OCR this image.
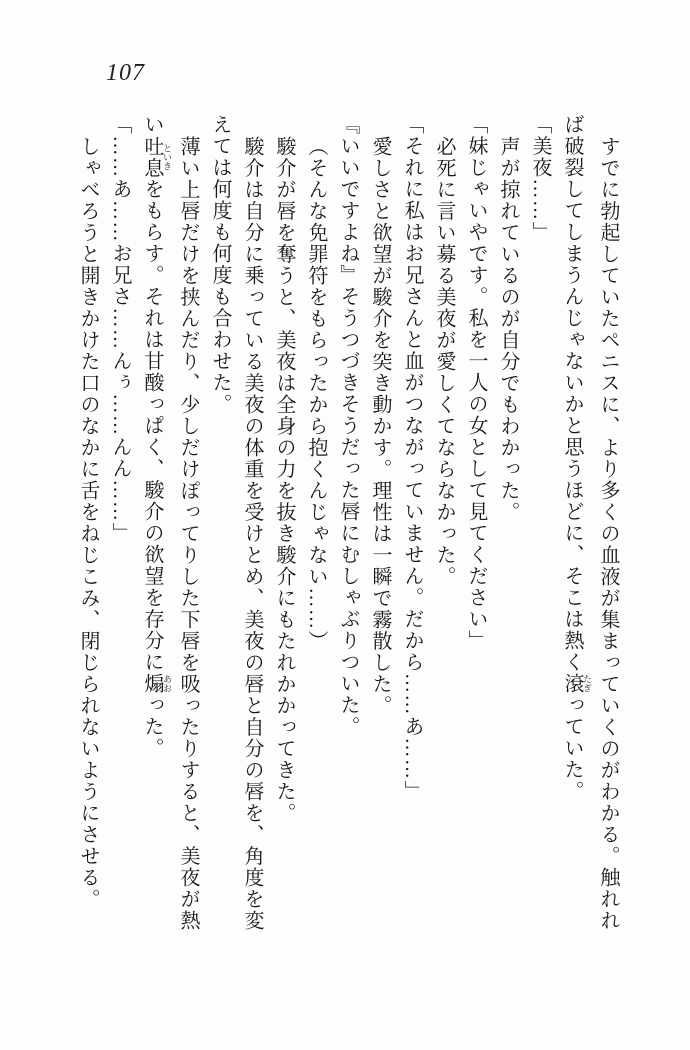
107

すでに勃起していたペニスに、より多くの血液が集まっていくのがわかる。触れれ

ば破裂してしまうんじゃないかと思うほどに、そこは熱く滾 たぎっていた。

「美夜……」

声が掠れているのが自分でもわかった。

「妹じゃいやです。私を一人の女として見てください」

必死に言い募る美夜が愛しくてならなかった。

「それに私はお兄さんと血がつながっていません。だから……あ……」

愛しさと欲望が駿介を突き動かす。理性は一瞬で霧散した。

『いいですよね』そうつづきそうだった唇にむしゃぶりついた。

（そんな免罪符をもらったから抱くんじゃない……）

駿介が唇を奪うと、美夜は全身の力を抜き駿介にもたれかかってきた。

駿介は自分に乗っている美夜の体重を受けとめ、美夜の唇と自分の唇を、角度を変

えては何度も何度も合わせた。

薄い上唇だけを挟んだり、少しだけぽってりした下唇を吸ったりすると、美夜が熱

い吐息 といきをもらす。それは甘酸っぱく、駿介の欲望を存分に煽 あおった。

「……あ……お兄さ……んぅ……んん……」

しゃべろうと開きかけた口のなかに舌をねじこみ、閉じられないようにさせる。
